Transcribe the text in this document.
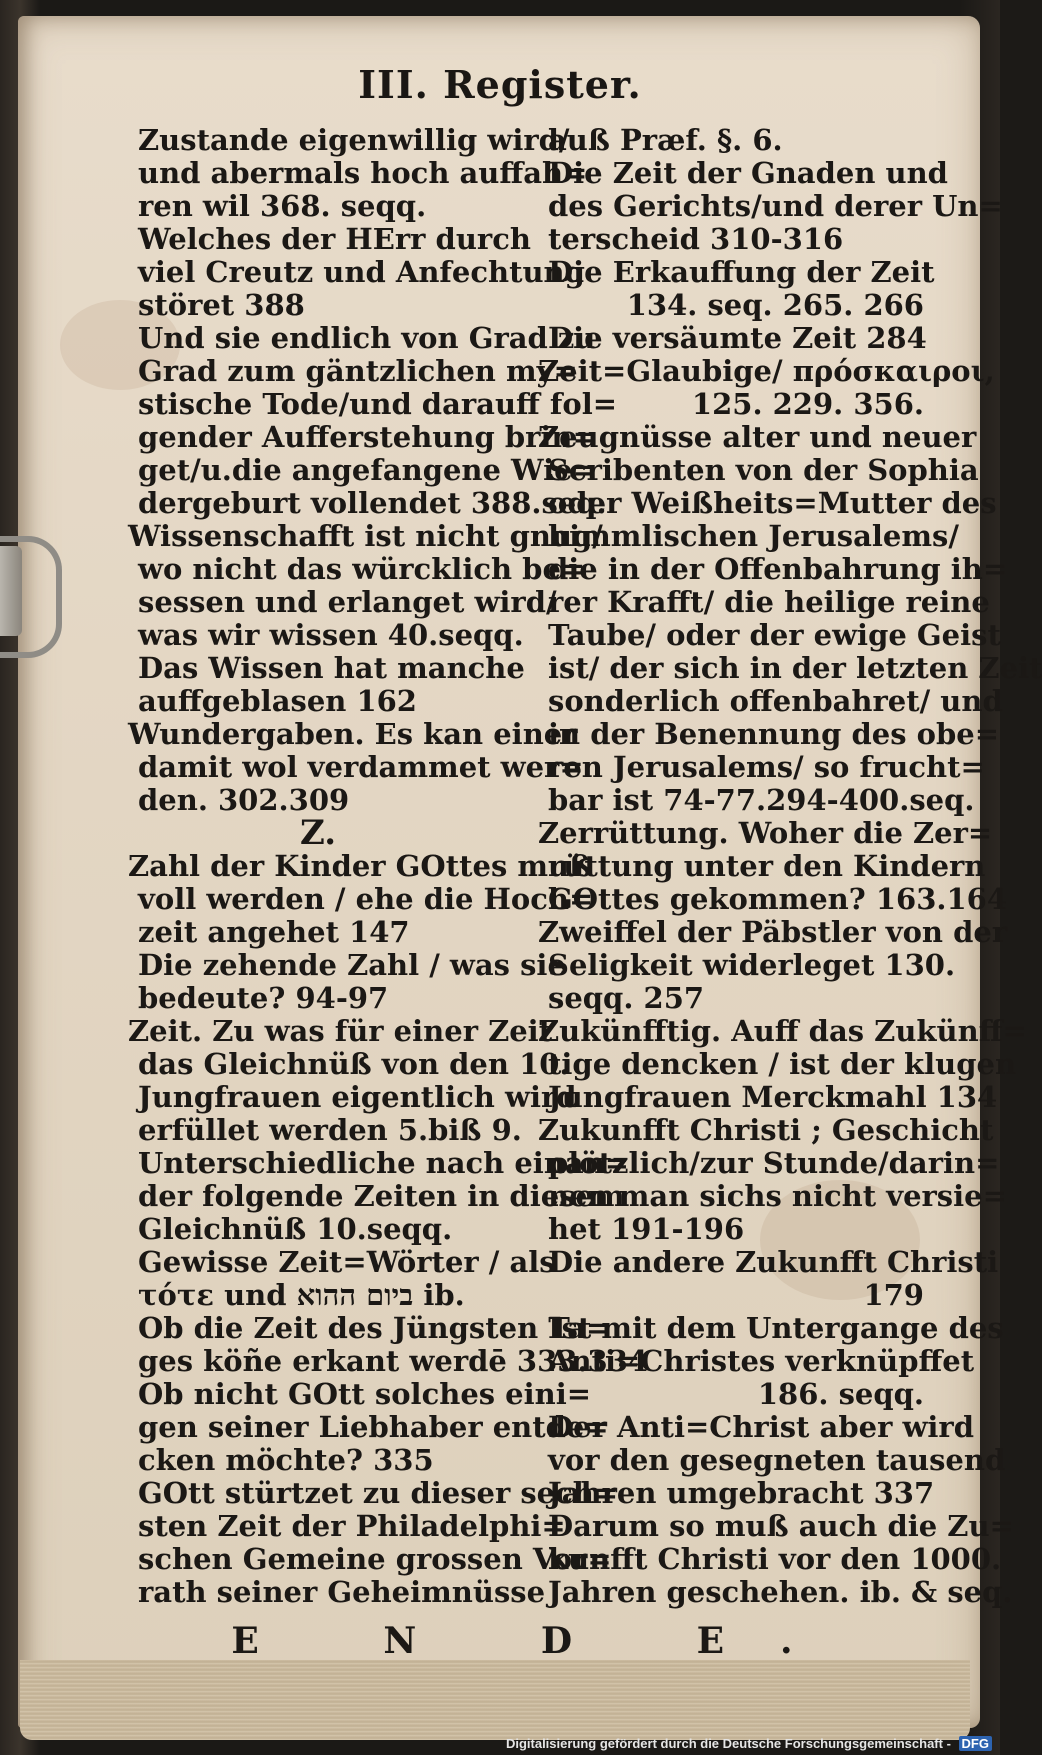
III. Register.
Zustande eigenwillig wird/
und abermals hoch auffah=
ren wil 368. seqq.
Welches der HErr durch
viel Creutz und Anfechtung
störet 388
Und sie endlich von Grad zu
Grad zum gäntzlichen my=
stische Tode/und darauff fol=
gender Aufferstehung brin=
get/u.die angefangene Wie=
dergeburt vollendet 388.seq.
Wissenschafft ist nicht gnug/
wo nicht das würcklich be=
sessen und erlanget wird/
was wir wissen 40.seqq.
Das Wissen hat manche
auffgeblasen 162
Wundergaben. Es kan einer
damit wol verdammet wer=
den. 302.309
Z.
Zahl der Kinder GOttes muß
voll werden / ehe die Hoch=
zeit angehet 147
Die zehende Zahl / was sie
bedeute? 94-97
Zeit. Zu was für einer Zeit
das Gleichnüß von den 10.
Jungfrauen eigentlich wird
erfüllet werden 5.biß 9.
Unterschiedliche nach einan=
der folgende Zeiten in diesem
Gleichnüß 10.seqq.
Gewisse Zeit=Wörter / als
τότε und ביום ההוא ib.
Ob die Zeit des Jüngsten Ta=
ges köñe erkant werdē 333.334
Ob nicht GOtt solches eini=
gen seiner Liebhaber entde=
cken möchte? 335
GOtt stürtzet zu dieser sech=
sten Zeit der Philadelphi=
schen Gemeine grossen Vor=
rath seiner Geheimnüsse
auß Præf. §. 6.
Die Zeit der Gnaden und
des Gerichts/und derer Un=
terscheid 310-316
Die Erkauffung der Zeit
134. seq. 265. 266
Die versäumte Zeit 284
Zeit=Glaubige/ πρόσκαιροι,
125. 229. 356.
Zeugnüsse alter und neuer
Scribenten von der Sophia
oder Weißheits=Mutter des
himmlischen Jerusalems/
die in der Offenbahrung ih=
rer Krafft/ die heilige reine
Taube/ oder der ewige Geist
ist/ der sich in der letzten Zeit
sonderlich offenbahret/ und
in der Benennung des obe=
ren Jerusalems/ so frucht=
bar ist 74-77.294-400.seq.
Zerrüttung. Woher die Zer=
rüttung unter den Kindern
GOttes gekommen? 163.164
Zweiffel der Päbstler von der
Seligkeit widerleget 130.
seqq. 257
Zukünfftig. Auff das Zukünff=
tige dencken / ist der klugen
Jungfrauen Merckmahl 134
Zukunfft Christi ; Geschicht
plötzlich/zur Stunde/darin=
nen man sichs nicht versie=
het 191-196
Die andere Zukunfft Christi
179
Ist mit dem Untergange des
Anti=Christes verknüpffet
186. seqq.
Der Anti=Christ aber wird
vor den gesegneten tausend
Jahren umgebracht 337
Darum so muß auch die Zu=
kunfft Christi vor den 1000.
Jahren geschehen. ib. & seq.
E N D E.
Digitalisierung gefördert durch die Deutsche Forschungsgemeinschaft - DFG
